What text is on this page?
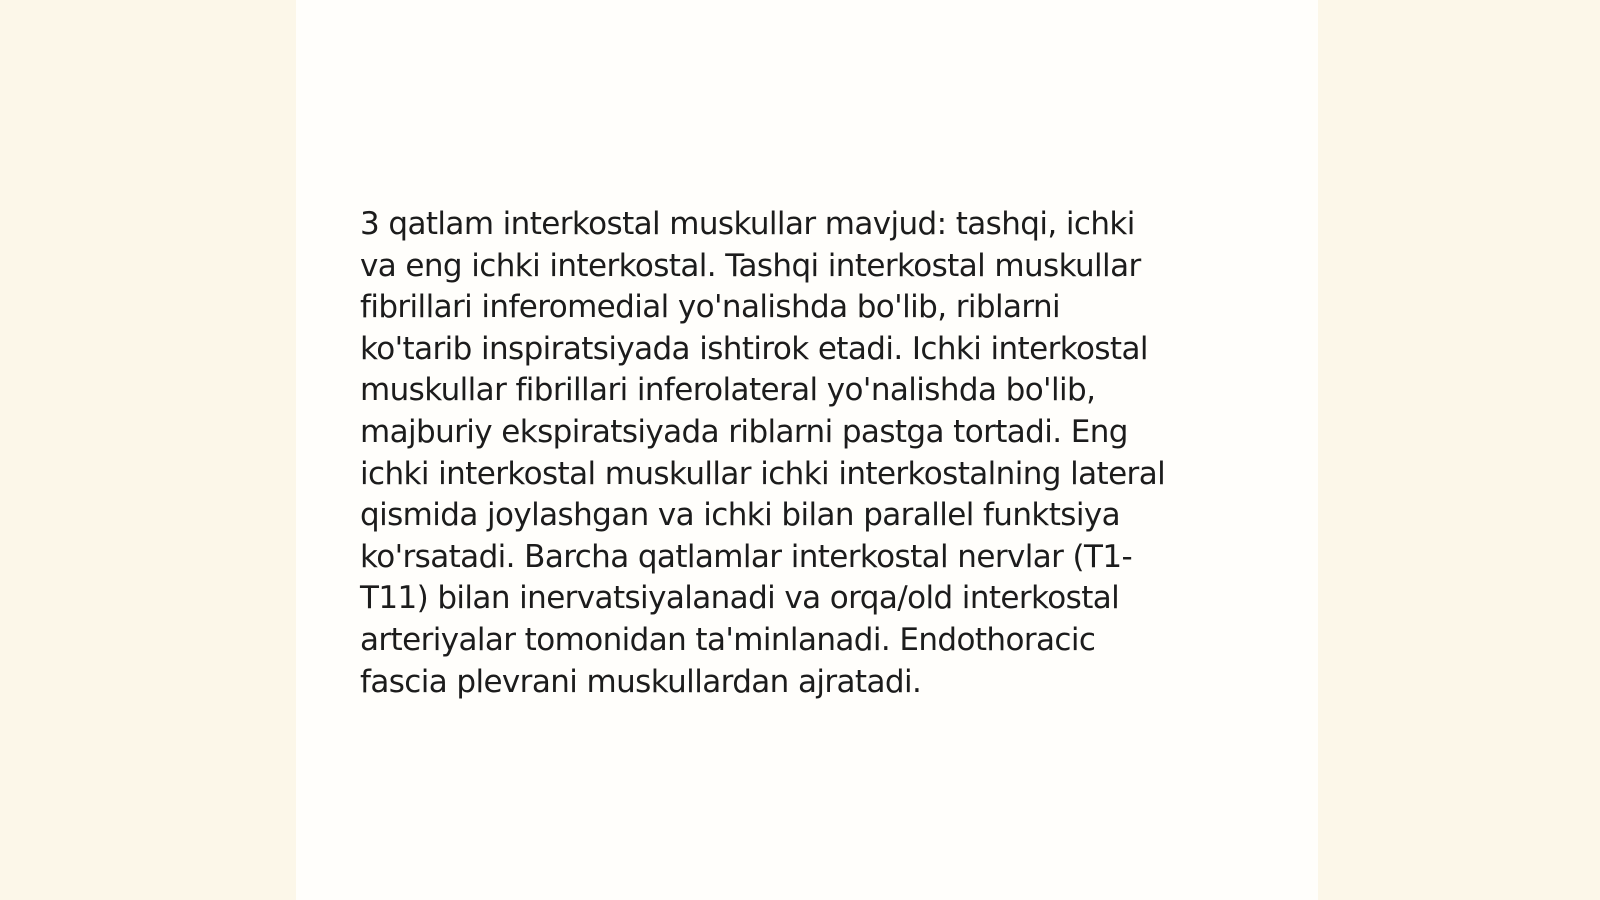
3 qatlam interkostal muskullar mavjud: tashqi, ichki
va eng ichki interkostal. Tashqi interkostal muskullar
fibrillari inferomedial yo'nalishda bo'lib, riblarni
ko'tarib inspiratsiyada ishtirok etadi. Ichki interkostal
muskullar fibrillari inferolateral yo'nalishda bo'lib,
majburiy ekspiratsiyada riblarni pastga tortadi. Eng
ichki interkostal muskullar ichki interkostalning lateral
qismida joylashgan va ichki bilan parallel funktsiya
ko'rsatadi. Barcha qatlamlar interkostal nervlar (T1-
T11) bilan inervatsiyalanadi va orqa/old interkostal
arteriyalar tomonidan ta'minlanadi. Endothoracic
fascia plevrani muskullardan ajratadi.
